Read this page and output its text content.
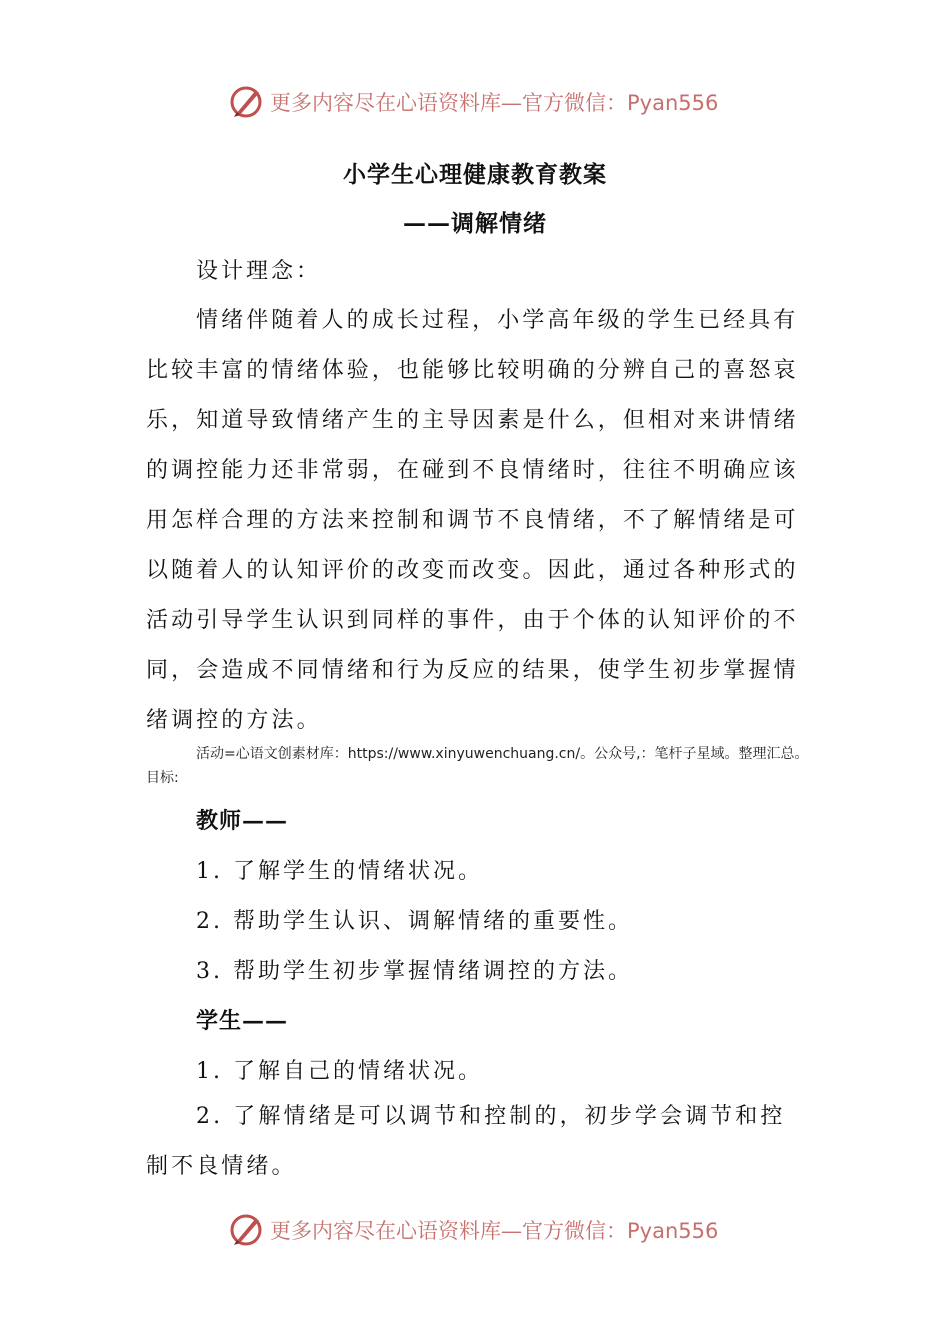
更多内容尽在心语资料库—官方微信：Pyan556
小学生心理健康教育教案
——调解情绪
设计理念：
情绪伴随着人的成长过程，小学高年级的学生已经具有比较丰富的情绪体验，也能够比较明确的分辨自己的喜怒哀乐，知道导致情绪产生的主导因素是什么，但相对来讲情绪的调控能力还非常弱，在碰到不良情绪时，往往不明确应该用怎样合理的方法来控制和调节不良情绪，不了解情绪是可以随着人的认知评价的改变而改变。因此，通过各种形式的活动引导学生认识到同样的事件，由于个体的认知评价的不同，会造成不同情绪和行为反应的结果，使学生初步掌握情绪调控的方法。
活动=心语文创素材库：https://www.xinyuwenchuang.cn/。公众号,：笔杆子星域。整理汇总。目标:
教师——
1. 了解学生的情绪状况。
2. 帮助学生认识、调解情绪的重要性。
3. 帮助学生初步掌握情绪调控的方法。
学生——
1. 了解自己的情绪状况。
2. 了解情绪是可以调节和控制的，初步学会调节和控制不良情绪。
更多内容尽在心语资料库—官方微信：Pyan556
